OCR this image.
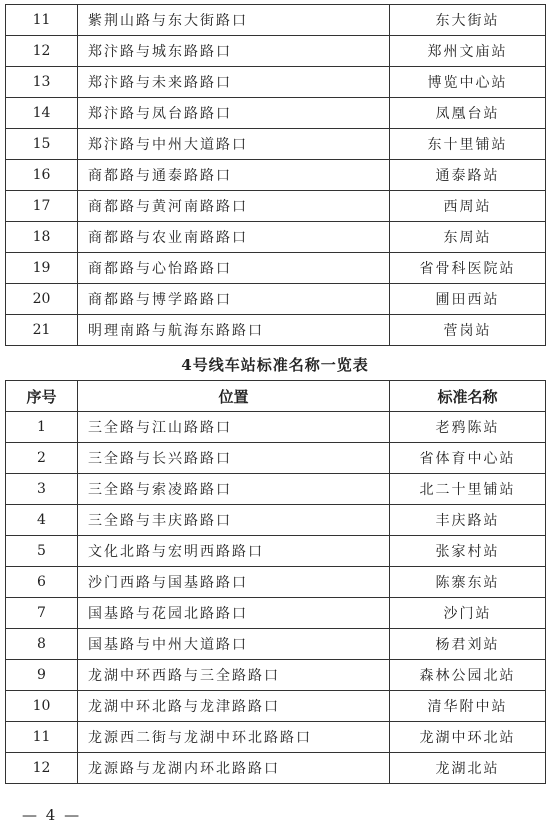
11	紫荆山路与东大街路口	东大街站
12	郑汴路与城东路路口	郑州文庙站
13	郑汴路与未来路路口	博览中心站
14	郑汴路与凤台路路口	凤凰台站
15	郑汴路与中州大道路口	东十里铺站
16	商都路与通泰路路口	通泰路站
17	商都路与黄河南路路口	西周站
18	商都路与农业南路路口	东周站
19	商都路与心怡路路口	省骨科医院站
20	商都路与博学路路口	圃田西站
21	明理南路与航海东路路口	菅岗站
4号线车站标准名称一览表
序号	位置	标准名称
1	三全路与江山路路口	老鸦陈站
2	三全路与长兴路路口	省体育中心站
3	三全路与索凌路路口	北二十里铺站
4	三全路与丰庆路路口	丰庆路站
5	文化北路与宏明西路路口	张家村站
6	沙门西路与国基路路口	陈寨东站
7	国基路与花园北路路口	沙门站
8	国基路与中州大道路口	杨君刘站
9	龙湖中环西路与三全路路口	森林公园北站
10	龙湖中环北路与龙津路路口	清华附中站
11	龙源西二街与龙湖中环北路路口	龙湖中环北站
12	龙源路与龙湖内环北路路口	龙湖北站
— 4 —
